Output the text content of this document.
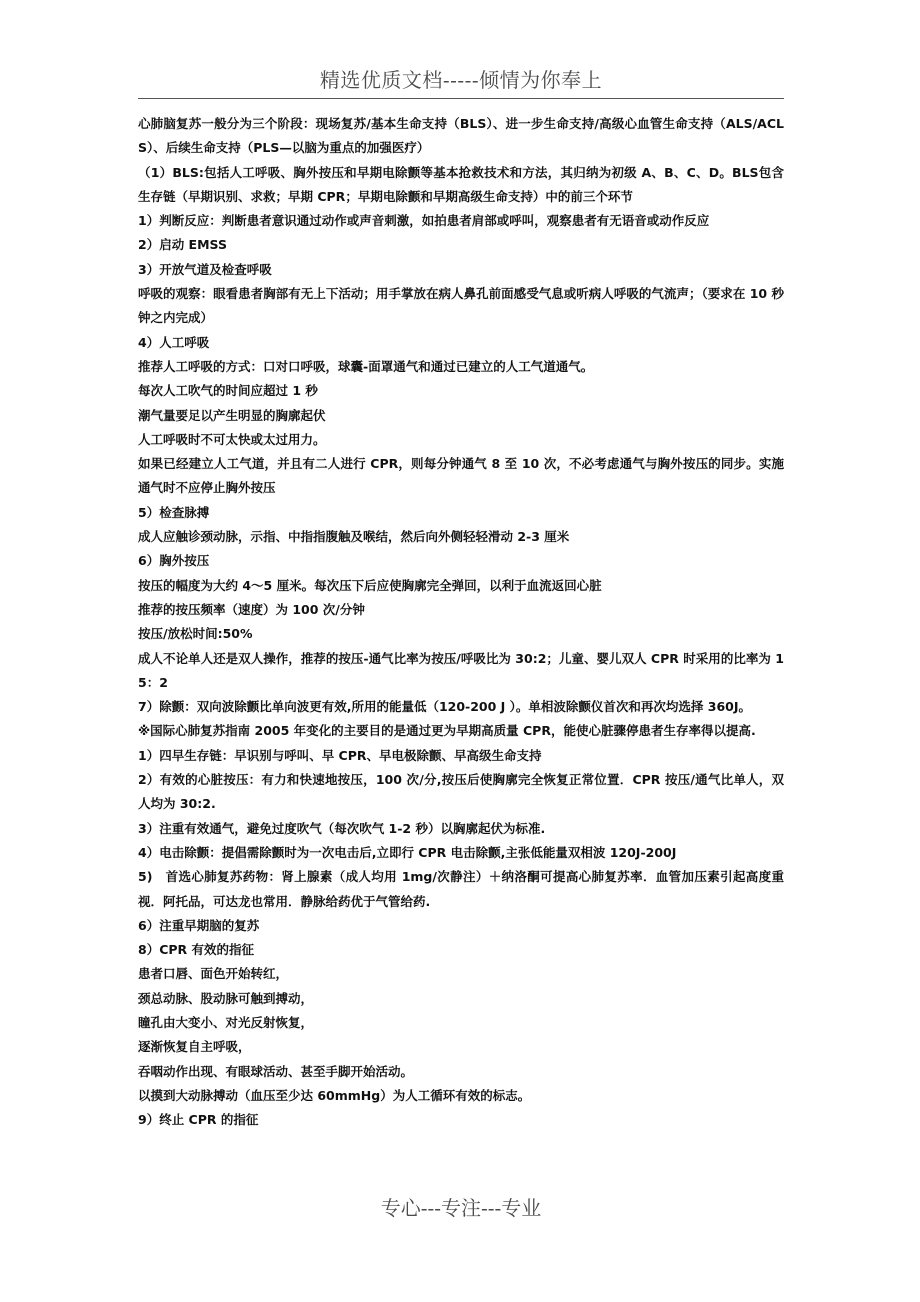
精选优质文档-----倾情为你奉上

心肺脑复苏一般分为三个阶段：现场复苏/基本生命支持（BLS）、进一步生命支持/高级心血管生命支持（ALS/ACLS）、后续生命支持（PLS—以脑为重点的加强医疗）

（1）BLS:包括人工呼吸、胸外按压和早期电除颤等基本抢救技术和方法，其归纳为初级 A、B、C、D。BLS包含生存链（早期识别、求救；早期 CPR；早期电除颤和早期高级生命支持）中的前三个环节

1）判断反应：判断患者意识通过动作或声音刺激，如拍患者肩部或呼叫，观察患者有无语音或动作反应

2）启动 EMSS

3）开放气道及检查呼吸

呼吸的观察：眼看患者胸部有无上下活动；用手掌放在病人鼻孔前面感受气息或听病人呼吸的气流声；（要求在 10 秒钟之内完成）

4）人工呼吸

推荐人工呼吸的方式：口对口呼吸，球囊-面罩通气和通过已建立的人工气道通气。

每次人工吹气的时间应超过 1 秒

潮气量要足以产生明显的胸廓起伏

人工呼吸时不可太快或太过用力。

如果已经建立人工气道，并且有二人进行 CPR，则每分钟通气 8 至 10 次，不必考虑通气与胸外按压的同步。实施通气时不应停止胸外按压

5）检查脉搏

成人应触诊颈动脉，示指、中指指腹触及喉结，然后向外侧轻轻滑动 2-3 厘米

6）胸外按压

按压的幅度为大约 4～5 厘米。每次压下后应使胸廓完全弹回，以利于血流返回心脏

推荐的按压频率（速度）为 100 次/分钟

按压/放松时间:50%

成人不论单人还是双人操作，推荐的按压-通气比率为按压/呼吸比为 30:2；儿童、婴儿双人 CPR 时采用的比率为 15：2

7）除颤：双向波除颤比单向波更有效,所用的能量低（120-200 J ）。单相波除颤仪首次和再次均选择 360J。

※国际心肺复苏指南 2005 年变化的主要目的是通过更为早期高质量 CPR，能使心脏骤停患者生存率得以提高.

1）四早生存链：早识别与呼叫、早 CPR、早电极除颤、早高级生命支持

2）有效的心脏按压：有力和快速地按压，100 次/分,按压后使胸廓完全恢复正常位置．CPR 按压/通气比单人，双人均为 30:2.

3）注重有效通气，避免过度吹气（每次吹气 1-2 秒）以胸廓起伏为标准.

4）电击除颤：提倡需除颤时为一次电击后,立即行 CPR 电击除颤,主张低能量双相波 120J-200J

5)　首选心肺复苏药物：肾上腺素（成人均用 1mg/次静注）＋纳洛酮可提高心肺复苏率．血管加压素引起高度重视．阿托品，可达龙也常用．静脉给药优于气管给药.

6）注重早期脑的复苏

8）CPR 有效的指征

患者口唇、面色开始转红，

颈总动脉、股动脉可触到搏动，

瞳孔由大变小、对光反射恢复，

逐渐恢复自主呼吸，

吞咽动作出现、有眼球活动、甚至手脚开始活动。

以摸到大动脉搏动（血压至少达 60mmHg）为人工循环有效的标志。

9）终止 CPR 的指征

专心---专注---专业
